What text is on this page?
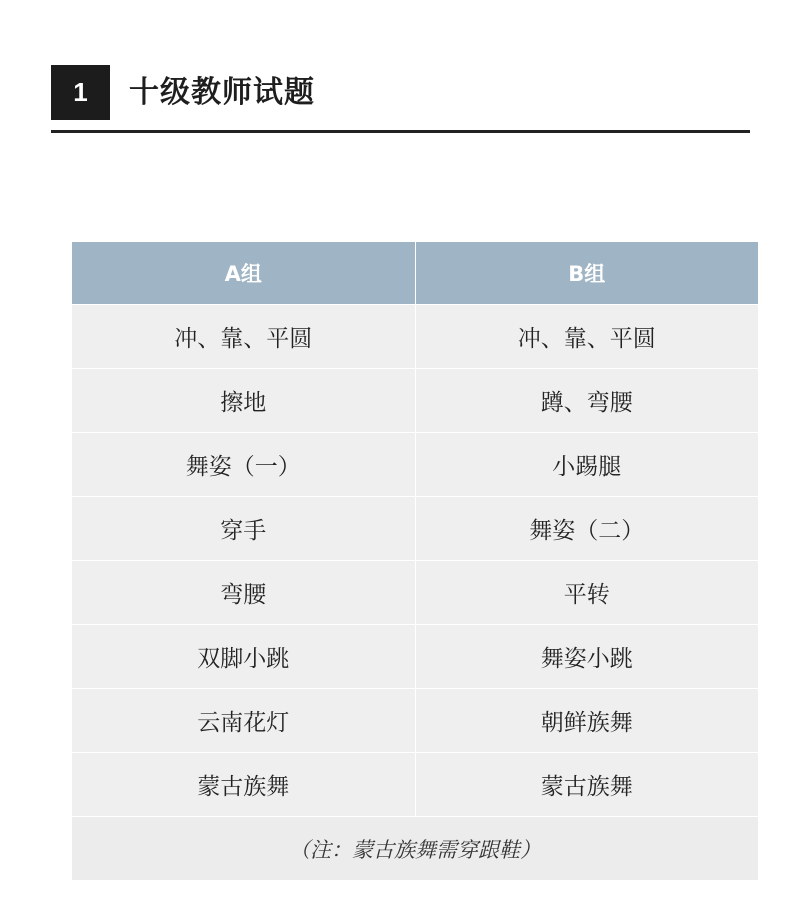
1	十级教师试题
A组	B组
冲、靠、平圆	冲、靠、平圆
擦地	蹲、弯腰
舞姿（一）	小踢腿
穿手	舞姿（二）
弯腰	平转
双脚小跳	舞姿小跳
云南花灯	朝鲜族舞
蒙古族舞	蒙古族舞
（注：蒙古族舞需穿跟鞋）	
